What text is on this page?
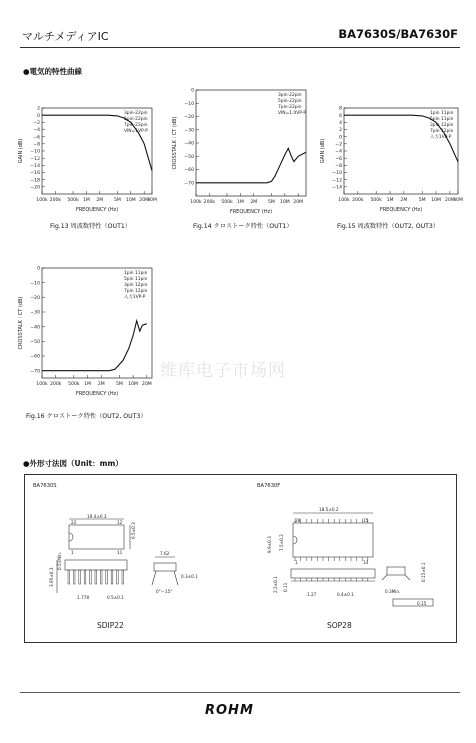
マルチメディアIC	BA7630S/BA7630F
●電気的特性曲線
2
0
−2
−4
−6
−8
−10
−12
−14
−16
−18
−20
100k 200k 500k 1M 2M 5M 10M 20M
30M
FREQUENCY (Hz)
GAIN (dB)
3pin-22pin
5pin-22pin
7pin-22pin
VIN=1VP-P
0
−10
−20
−30
−40
−50
−60
−70
100k 200k 500k 1M 2M 5M 10M 20M
FREQUENCY (Hz)
CROSSTALK : CT (dB)
3pin-22pin
5pin-22pin
7pin-22pin
VIN=1.0VP-P
8
6
4
2
0
−2
−4
−6
−8
−10
−12
−14
100k 200k 500k 1M 2M 5M 10M 20M
30M
FREQUENCY (Hz)
GAIN (dB)
1pin 11pin
5pin 11pin
3pin 12pin
7pin 12pin
入力1VP-P
0
−10
−20
−30
−40
−50
−60
−70
100k 200k 500k 1M 2M 5M 10M 20M
FREQUENCY (Hz)
CROSSTALK : CT (dB)
1pin 11pin
5pin 11pin
3pin 12pin
7pin 12pin
入力1VP-P
Fig.13 周波数特性（OUT1）	Fig.14 クロストーク特性（OUT1）	Fig.15 周波数特性（OUT2, OUT3）
Fig.16 クロストーク特性（OUT2, OUT3）
维库电子市场网
●外形寸法図（Unit：mm）
BA7630S	BA7630F
SDIP22	SOP28
19.4±0.3
22	12
1	11
6.5±0.3
3.95±0.3
0.51Min.
1.778	0.5±0.1
7.62
0°～15°
0.3±0.1
18.5±0.2
28	15
1	14
9.9±0.3 7.5±0.2
2.2±0.1 0.11
1.27	0.4±0.1
0.15±0.1
0.3Min.
0.15
ROHM
